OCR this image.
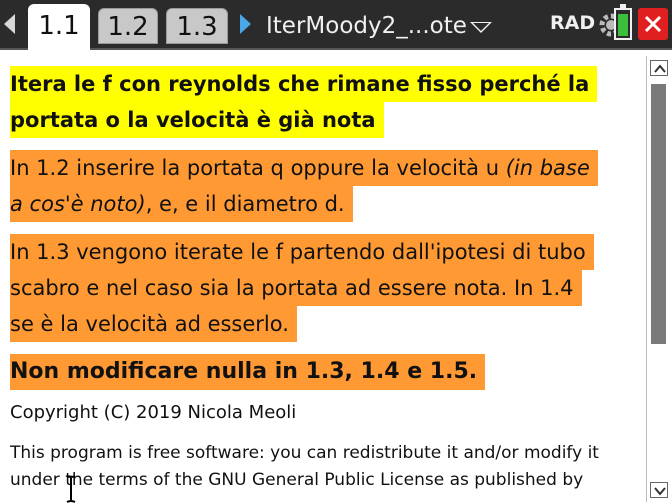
1.1	1.2	1.3	IterMoody2_...ote	RAD
Itera le f con reynolds che rimane fisso perché la
portata o la velocità è già nota
In 1.2 inserire la portata q oppure la velocità u (in base
a cos'è noto), e, e il diametro d.
In 1.3 vengono iterate le f partendo dall'ipotesi di tubo
scabro e nel caso sia la portata ad essere nota. In 1.4
se è la velocità ad esserlo.
Non modificare nulla in 1.3, 1.4 e 1.5.
Copyright (C) 2019 Nicola Meoli
This program is free software: you can redistribute it and/or modify it
under the terms of the GNU General Public License as published by
